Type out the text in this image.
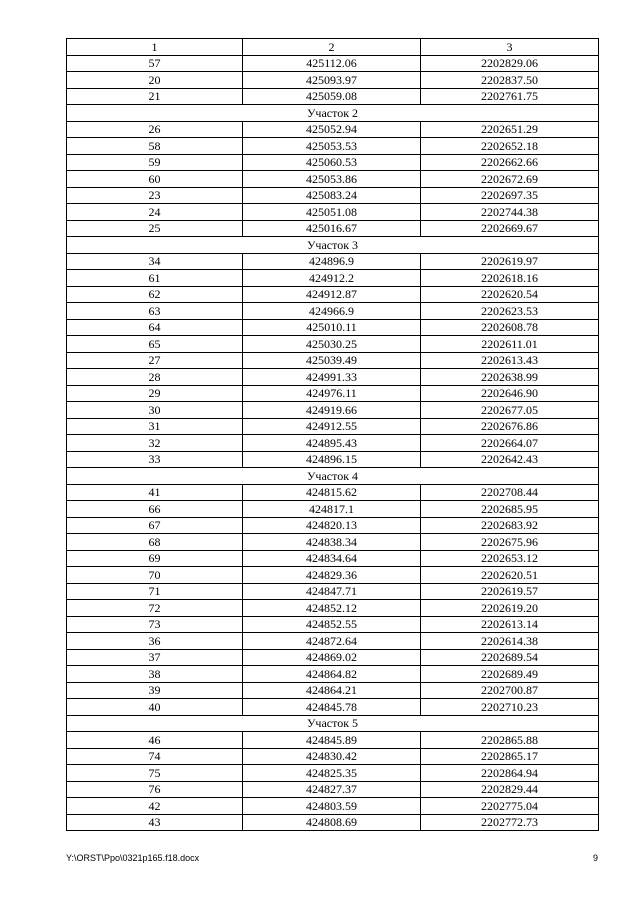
1	2	3
57	425112.06	2202829.06
20	425093.97	2202837.50
21	425059.08	2202761.75
Участок 2		
26	425052.94	2202651.29
58	425053.53	2202652.18
59	425060.53	2202662.66
60	425053.86	2202672.69
23	425083.24	2202697.35
24	425051.08	2202744.38
25	425016.67	2202669.67
Участок 3		
34	424896.9	2202619.97
61	424912.2	2202618.16
62	424912.87	2202620.54
63	424966.9	2202623.53
64	425010.11	2202608.78
65	425030.25	2202611.01
27	425039.49	2202613.43
28	424991.33	2202638.99
29	424976.11	2202646.90
30	424919.66	2202677.05
31	424912.55	2202676.86
32	424895.43	2202664.07
33	424896.15	2202642.43
Участок 4		
41	424815.62	2202708.44
66	424817.1	2202685.95
67	424820.13	2202683.92
68	424838.34	2202675.96
69	424834.64	2202653.12
70	424829.36	2202620.51
71	424847.71	2202619.57
72	424852.12	2202619.20
73	424852.55	2202613.14
36	424872.64	2202614.38
37	424869.02	2202689.54
38	424864.82	2202689.49
39	424864.21	2202700.87
40	424845.78	2202710.23
Участок 5		
46	424845.89	2202865.88
74	424830.42	2202865.17
75	424825.35	2202864.94
76	424827.37	2202829.44
42	424803.59	2202775.04
43	424808.69	2202772.73
Y:\ORST\Ppo\0321p165.f18.docx	9
